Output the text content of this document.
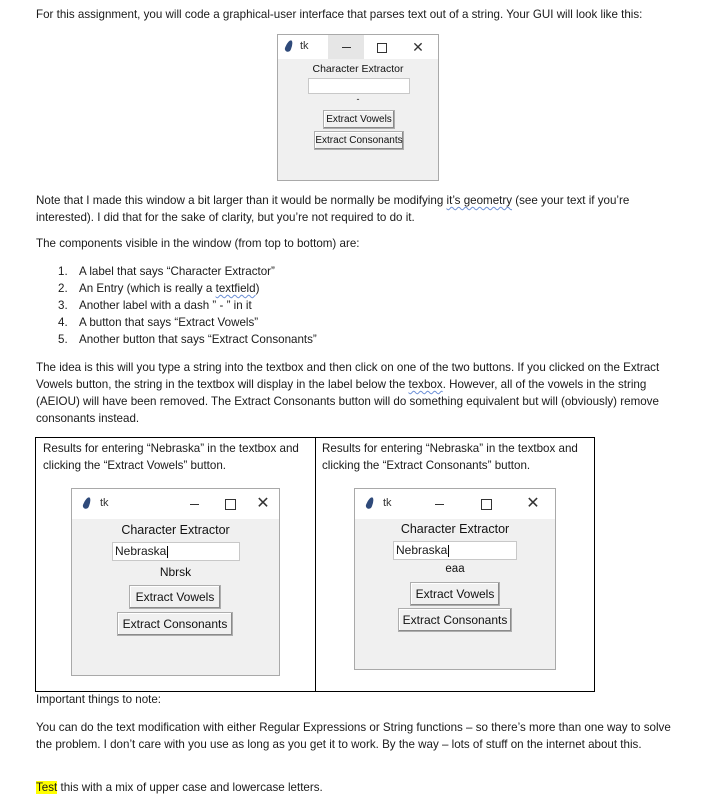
For this assignment, you will code a graphical-user interface that parses text out of a string. Your GUI will look like this:

tk	✕
Character Extractor
-
Extract Vowels
Extract Consonants

Note that I made this window a bit larger than it would be normally be modifying it’s geometry (see your text if you’re interested). I did that for the sake of clarity, but you’re not required to do it.

The components visible in the window (from top to bottom) are:

1. A label that says “Character Extractor”
2. An Entry (which is really a textfield)
3. Another label with a dash ” - ” in it
4. A button that says “Extract Vowels”
5. Another button that says “Extract Consonants”

The idea is this will you type a string into the textbox and then click on one of the two buttons. If you clicked on the Extract Vowels button, the string in the textbox will display in the label below the texbox. However, all of the vowels in the string (AEIOU) will have been removed. The Extract Consonants button will do something equivalent but will (obviously) remove consonants instead.

Results for entering “Nebraska” in the textbox and clicking the “Extract Vowels” button.
tk	✕
Character Extractor
Nebraska
Nbrsk
Extract Vowels
Extract Consonants
Results for entering “Nebraska” in the textbox and clicking the “Extract Consonants” button.
tk	✕
Character Extractor
Nebraska
eaa
Extract Vowels
Extract Consonants

Important things to note:

You can do the text modification with either Regular Expressions or String functions – so there’s more than one way to solve the problem. I don’t care with you use as long as you get it to work. By the way – lots of stuff on the internet about this.

Test this with a mix of upper case and lowercase letters.
